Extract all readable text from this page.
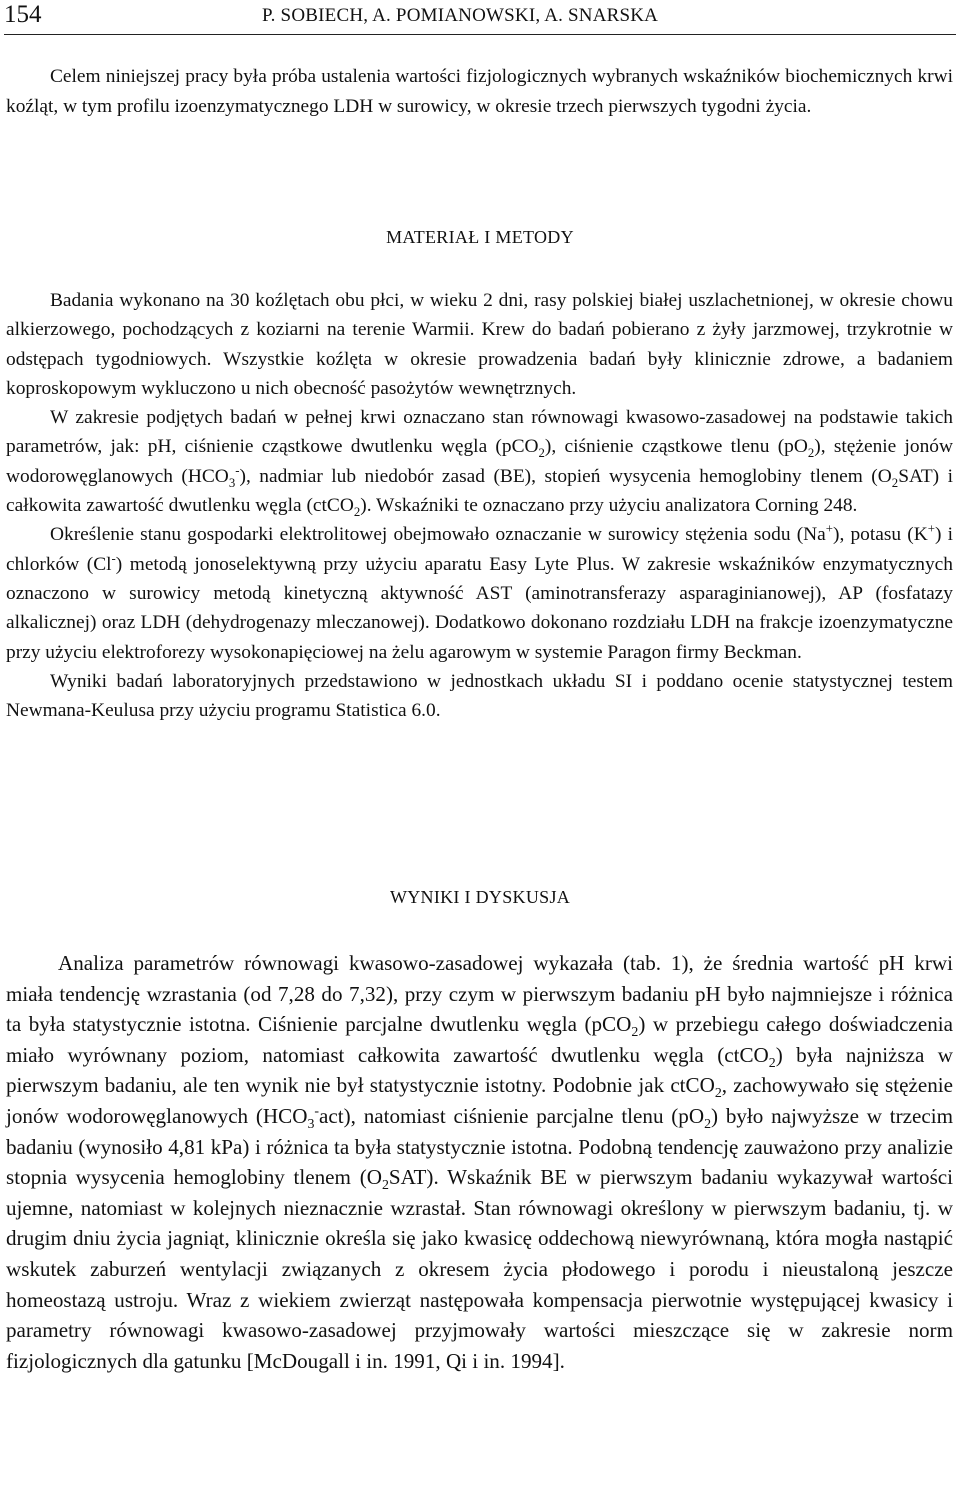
154	P. SOBIECH, A. POMIANOWSKI, A. SNARSKA

Celem niniejszej pracy była próba ustalenia wartości fizjologicznych wybranych wskaźników biochemicznych krwi koźląt, w tym profilu izoenzymatycznego LDH w surowicy, w okresie trzech pierwszych tygodni życia.

MATERIAŁ I METODY

Badania wykonano na 30 koźlętach obu płci, w wieku 2 dni, rasy polskiej białej uszlachetnionej, w okresie chowu alkierzowego, pochodzących z koziarni na terenie Warmii. Krew do badań pobierano z żyły jarzmowej, trzykrotnie w odstępach tygodniowych. Wszystkie koźlęta w okresie prowadzenia badań były klinicznie zdrowe, a badaniem koproskopowym wykluczono u nich obecność pasożytów wewnętrznych.

W zakresie podjętych badań w pełnej krwi oznaczano stan równowagi kwasowo-zasadowej na podstawie takich parametrów, jak: pH, ciśnienie cząstkowe dwutlenku węgla (pCO$_2$), ciśnienie cząstkowe tlenu $(pO_2)$, stężenie jonów wodorowęglanowych $(HCO_3^-)$, nadmiar lub niedobór zasad (BE), stopień wysycenia hemoglobiny tlenem $(O_2SAT)$ i całkowita zawartość dwutlenku węgla (ctCO$_2$). Wskaźniki te oznaczano przy użyciu analizatora Corning 248.

Określenie stanu gospodarki elektrolitowej obejmowało oznaczanie w surowicy stężenia sodu (Na+), potasu (K+) i chlorków (Cl-) metodą jonoselektywną przy użyciu aparatu Easy Lyte Plus. W zakresie wskaźników enzymatycznych oznaczono w surowicy metodą kinetyczną aktywność AST (aminotransferazy asparaginianowej), AP (fosfatazy alkalicznej) oraz LDH (dehydrogenazy mleczanowej). Dodatkowo dokonano rozdziału LDH na frakcje izoenzymatyczne przy użyciu elektroforezy wysokonapięciowej na żelu agarowym w systemie Paragon firmy Beckman.

Wyniki badań laboratoryjnych przedstawiono w jednostkach układu SI i poddano ocenie statystycznej testem Newmana-Keulusa przy użyciu programu Statistica 6.0.

WYNIKI I DYSKUSJA

Analiza parametrów równowagi kwasowo-zasadowej wykazała (tab. 1), że średnia wartość pH krwi miała tendencję wzrastania (od 7,28 do 7,32), przy czym w pierwszym badaniu pH było najmniejsze i różnica ta była statystycznie istotna. Ciśnienie parcjalne dwutlenku węgla (pCO$_2$) w przebiegu całego doświadczenia miało wyrównany poziom, natomiast całkowita zawartość dwutlenku węgla (ctCO$_2$) była najniższa w pierwszym badaniu, ale ten wynik nie był statystycznie istotny. Podobnie jak ctCO$_2$, zachowywało się stężenie jonów wodorowęglanowych $(HCO_3^-act)$, natomiast ciśnienie parcjalne tlenu $(pO_2)$ było najwyższe w trzecim badaniu (wynosiło 4,81 kPa) i różnica ta była statystycznie istotna. Podobną tendencję zauważono przy analizie stopnia wysycenia hemoglobiny tlenem $(O_2SAT)$. Wskaźnik BE w pierwszym badaniu wykazywał wartości ujemne, natomiast w kolejnych nieznacznie wzrastał. Stan równowagi określony w pierwszym badaniu, tj. w drugim dniu życia jagniąt, klinicznie określa się jako kwasicę oddechową niewyrównaną, która mogła nastąpić wskutek zaburzeń wentylacji związanych z okresem życia płodowego i porodu i nieustaloną jeszcze homeostazą ustroju. Wraz z wiekiem zwierząt następowała kompensacja pierwotnie występującej kwasicy i parametry równowagi kwasowo-zasadowej przyjmowały wartości mieszczące się w zakresie norm fizjologicznych dla gatunku [McDougall i in. 1991, Qi i in. 1994].
